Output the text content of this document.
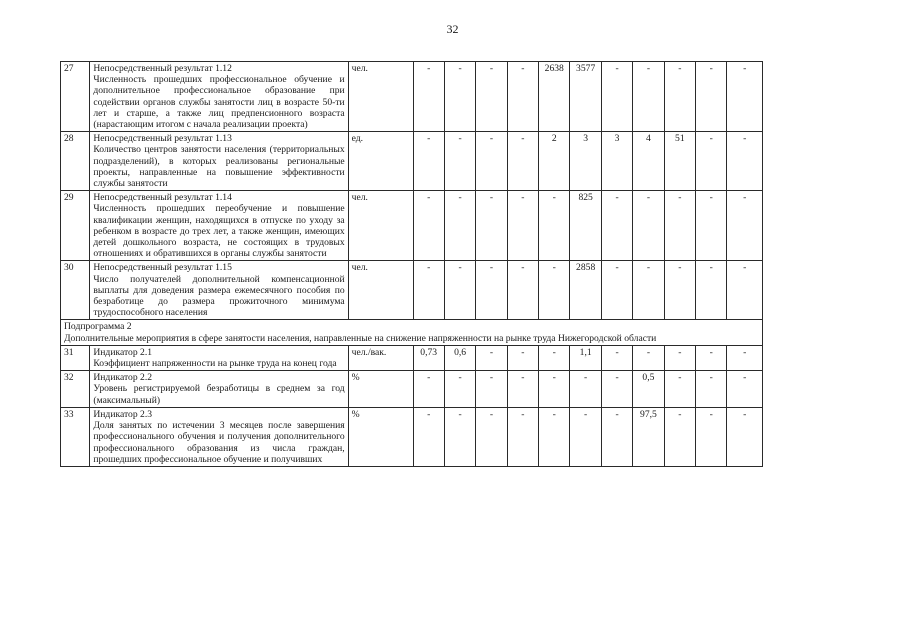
32
27	Непосредственный результат 1.12
Численность прошедших профессиональное обучение и дополнительное профессиональное образование при содействии органов службы занятости лиц в возрасте 50-ти лет и старше, а также лиц предпенсионного возраста (нарастающим итогом с начала реализации проекта)	чел.	-	-	-	-	2638	3577	-	-	-	-	-
28	Непосредственный результат 1.13
Количество центров занятости населения (территориальных подразделений), в которых реализованы региональные проекты, направленные на повышение эффективности службы занятости	ед.	-	-	-	-	2	3	3	4	51	-	-
29	Непосредственный результат 1.14
Численность прошедших переобучение и повышение квалификации женщин, находящихся в отпуске по уходу за ребенком в возрасте до трех лет, а также женщин, имеющих детей дошкольного возраста, не состоящих в трудовых отношениях и обратившихся в органы службы занятости	чел.	-	-	-	-	-	825	-	-	-	-	-
30	Непосредственный результат 1.15
Число получателей дополнительной компенсационной выплаты для доведения размера ежемесячного пособия по безработице до размера прожиточного минимума трудоспособного населения	чел.	-	-	-	-	-	2858	-	-	-	-	-

Подпрограмма 2
Дополнительные мероприятия в сфере занятости населения, направленные на снижение напряженности на рынке труда Нижегородской области													

31	Индикатор 2.1
Коэффициент напряженности на рынке труда на конец года	чел./вак.	0,73	0,6	-	-	-	1,1	-	-	-	-	-
32	Индикатор 2.2
Уровень регистрируемой безработицы в среднем за год (максимальный)	%	-	-	-	-	-	-	-	0,5	-	-	-
33	Индикатор 2.3
Доля занятых по истечении 3 месяцев после завершения профессионального обучения и получения дополнительного профессионального образования из числа граждан, прошедших профессиональное обучение и получивших	%	-	-	-	-	-	-	-	97,5	-	-	-
